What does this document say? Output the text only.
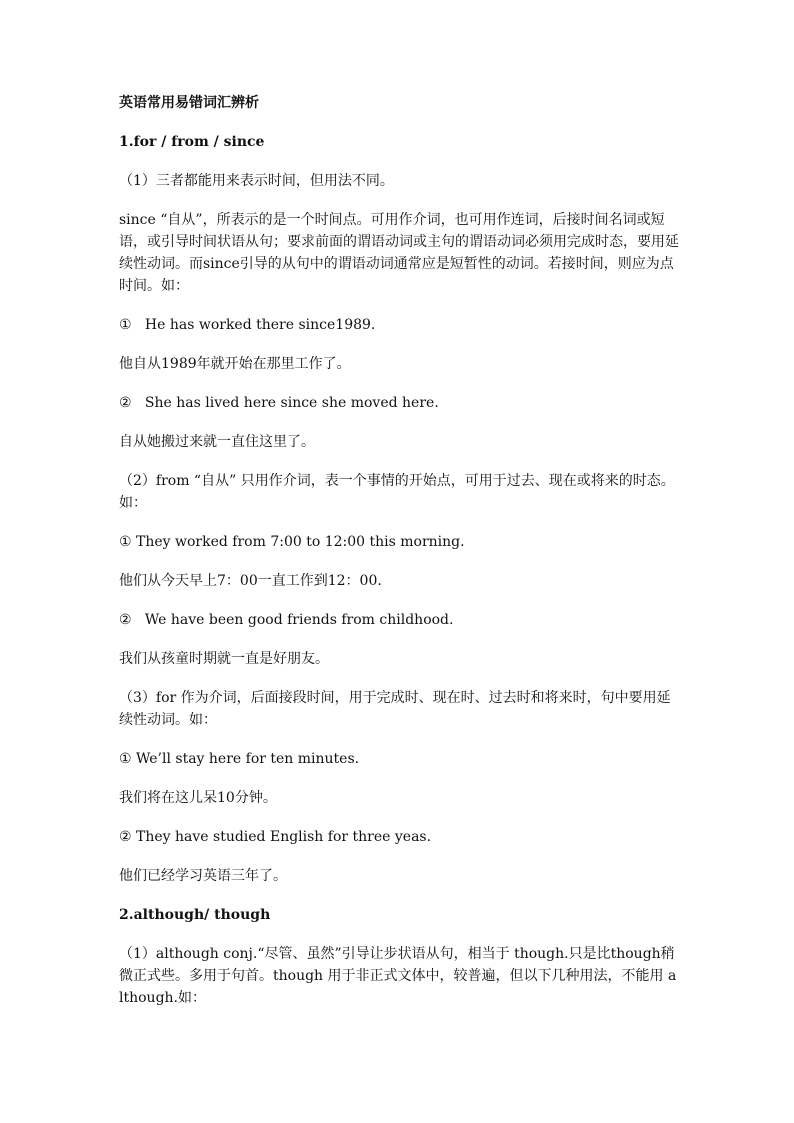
英语常用易错词汇辨析

1.for / from / since

（1）三者都能用来表示时间，但用法不同。

since “自从”，所表示的是一个时间点。可用作介词，也可用作连词，后接时间名词或短语，或引导时间状语从句；要求前面的谓语动词或主句的谓语动词必须用完成时态，要用延续性动词。而since引导的从句中的谓语动词通常应是短暂性的动词。若接时间，则应为点时间。如：

①   He has worked there since1989.

他自从1989年就开始在那里工作了。

②   She has lived here since she moved here.

自从她搬过来就一直住这里了。

（2）from “自从” 只用作介词，表一个事情的开始点，可用于过去、现在或将来的时态。如：

① They worked from 7:00 to 12:00 this morning.

他们从今天早上7：00一直工作到12：00.

②   We have been good friends from childhood.

我们从孩童时期就一直是好朋友。

（3）for 作为介词，后面接段时间，用于完成时、现在时、过去时和将来时，句中要用延续性动词。如：

① We’ll stay here for ten minutes.

我们将在这儿呆10分钟。

② They have studied English for three yeas.

他们已经学习英语三年了。

2.although/ though

（1）although conj.“尽管、虽然”引导让步状语从句，相当于 though.只是比though稍微正式些。多用于句首。though 用于非正式文体中，较普遍，但以下几种用法，不能用 although.如：
